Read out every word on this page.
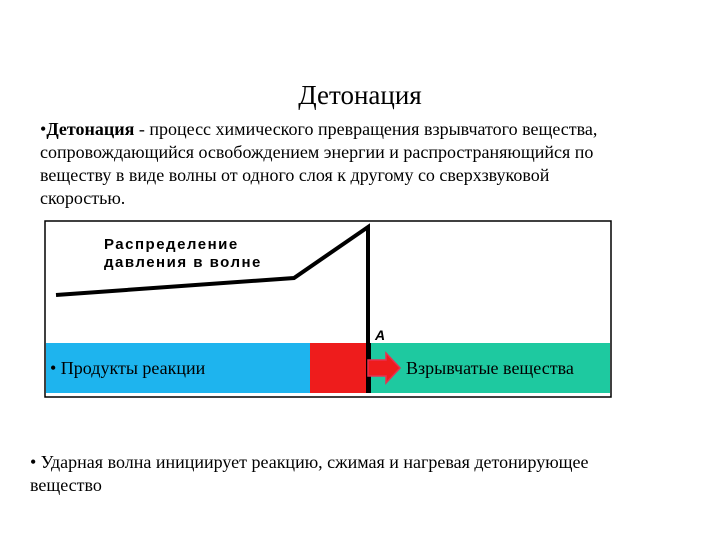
Детонация
•Детонация - процесс химического превращения взрывчатого вещества, сопровождающийся освобождением энергии и распространяющийся по веществу в виде волны от одного слоя к другому со сверхзвуковой скоростью.
Распределение
давления в волне
A
• Продукты реакции	Взрывчатые вещества
• Ударная волна инициирует реакцию, сжимая и нагревая детонирующее вещество
